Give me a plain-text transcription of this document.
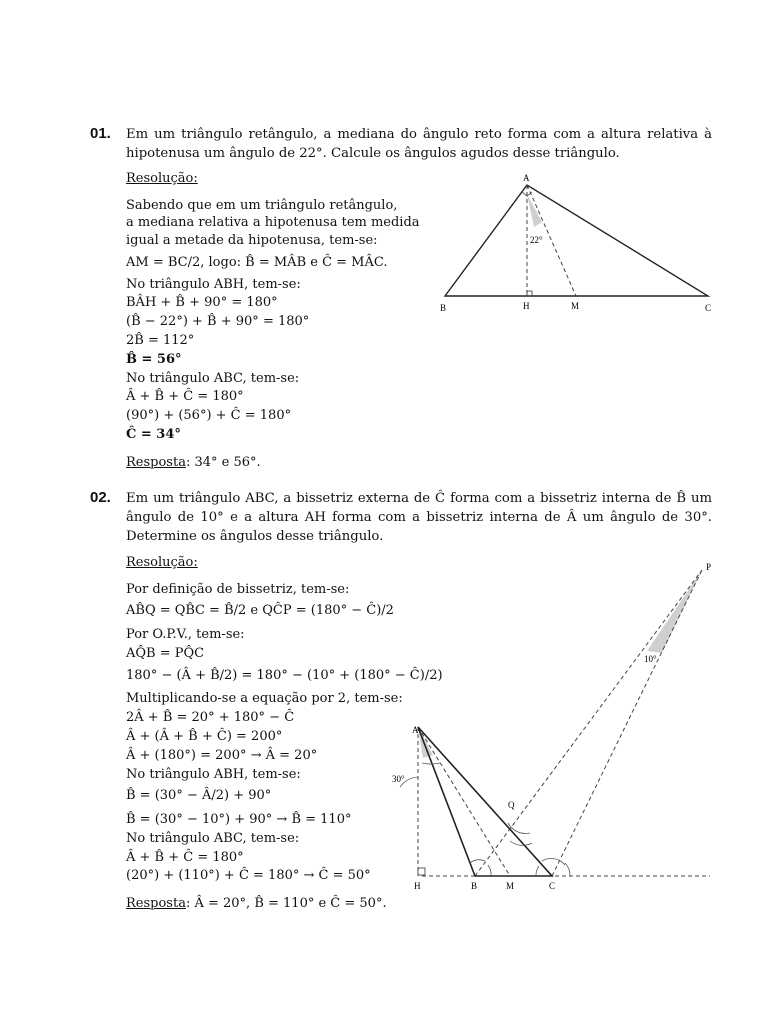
01. Em um triângulo retângulo, a mediana do ângulo reto forma com a altura relativa à hipotenusa um ângulo de 22°. Calcule os ângulos agudos desse triângulo.
Resolução:
Sabendo que em um triângulo retângulo,
a mediana relativa a hipotenusa tem medida
igual a metade da hipotenusa, tem-se:
AM = BC/2, logo: B̂ = MÂB e Ĉ = MÂC.
No triângulo ABH, tem-se:
BÂH + B̂ + 90° = 180°
(B̂ − 22°) + B̂ + 90° = 180°
2B̂ = 112°
B̂ = 56°
No triângulo ABC, tem-se:
Â + B̂ + Ĉ = 180°
(90°) + (56°) + Ĉ = 180°
Ĉ = 34°
Resposta: 34° e 56°.
A
B	H	M	C
22°
02. Em um triângulo ABC, a bissetriz externa de Ĉ forma com a bissetriz interna de B̂ um ângulo de 10° e a altura AH forma com a bissetriz interna de Â um ângulo de 30°. Determine os ângulos desse triângulo.
Resolução:
Por definição de bissetriz, tem-se:
AB̂Q = QB̂C = B̂/2 e QĈP = (180° − Ĉ)/2
Por O.P.V., tem-se:
AQ̂B = PQ̂C
180° − (Â + B̂/2) = 180° − (10° + (180° − Ĉ)/2)
Multiplicando-se a equação por 2, tem-se:
2Â + B̂ = 20° + 180° − Ĉ
Â + (Â + B̂ + Ĉ) = 200°
Â + (180°) = 200° → Â = 20°
No triângulo ABH, tem-se:
B̂ = (30° − Â/2) + 90°
B̂ = (30° − 10°) + 90° → B̂ = 110°
No triângulo ABC, tem-se:
Â + B̂ + Ĉ = 180°
(20°) + (110°) + Ĉ = 180° → Ĉ = 50°
Resposta: Â = 20°, B̂ = 110° e Ĉ = 50°.
A
H	B	M	C
P
Q
30°
10°
